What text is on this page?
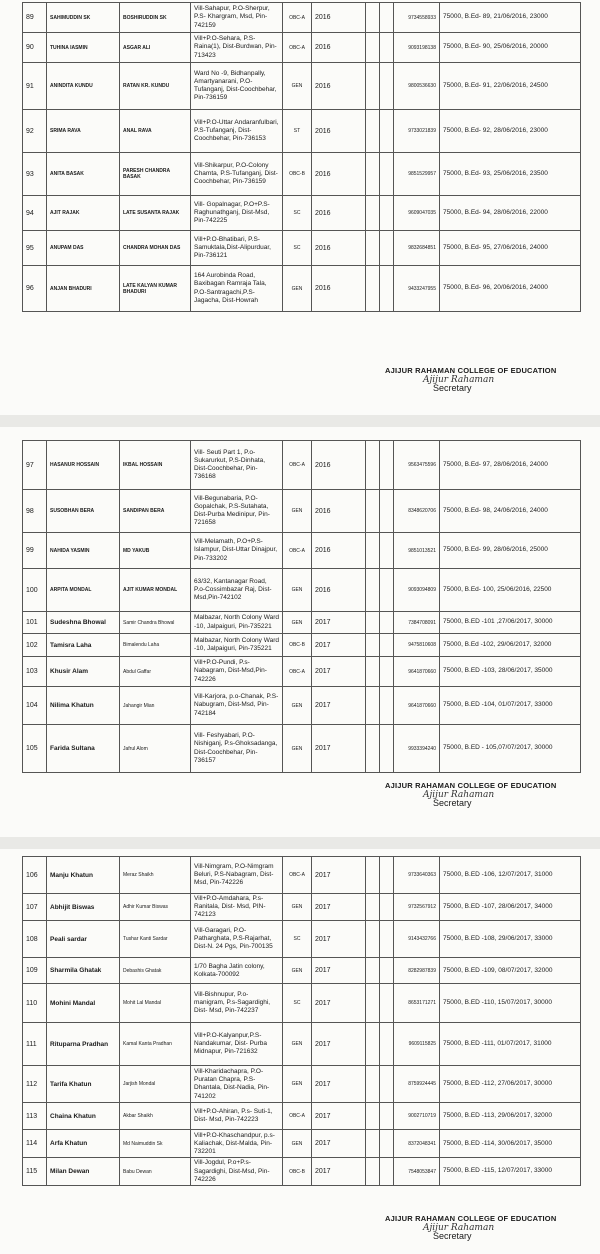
89	SAHIMUDDIN SK	BOSHIRUDDIN SK	Vill-Sahapur, P.O-Sherpur, P.S- Khargram, Msd, Pin-742159	OBC-A	2016			9734558933	75000, B.Ed- 89, 21/06/2016, 23000
90	TUHINA IASMIN	ASGAR ALI	Vill+P.O-Sehara, P.S-Raina(1), Dist-Burdwan, Pin-713423	OBC-A	2016			9093198138	75000, B.Ed- 90, 25/06/2016, 20000
91	ANINDITA KUNDU	RATAN KR. KUNDU	Ward No -9, Bidhanpally, Amartyanarani, P.O-Tufanganj, Dist-Coochbehar, Pin-736159	GEN	2016			9800536630	75000, B.Ed- 91, 22/06/2016, 24500
92	SRIMA RAVA	ANAL RAVA	Vill+P.O-Uttar Andaranfulbari, P.S-Tufanganj, Dist-Coochbehar, Pin-736153	ST	2016			9733021839	75000, B.Ed- 92, 28/06/2016, 23000
93	ANITA BASAK	PARESH CHANDRA BASAK	Vill-Shikarpur, P.O-Colony Chamta, P.S-Tufanganj, Dist-Coochbehar, Pin-736159	OBC-B	2016			9851529957	75000, B.Ed- 93, 25/06/2016, 23500
94	AJIT RAJAK	LATE SUSANTA RAJAK	Vill- Gopalnagar, P.O+P.S-Raghunathganj, Dist-Msd, Pin-742225	SC	2016			9609047035	75000, B.Ed- 94, 28/06/2016, 22000
95	ANUPAM DAS	CHANDRA MOHAN DAS	Vill+P.O-Bhatibari, P.S-Samuktala,Dist-Alipurduar, Pin-736121	SC	2016			9832684851	75000, B.Ed- 95, 27/06/2016, 24000
96	ANJAN BHADURI	LATE KALYAN KUMAR BHADURI	164 Aurobinda Road, Baxibagan Ramraja Tala, P.O-Santragachi,P.S-Jagacha, Dist-Howrah	GEN	2016			9433247955	75000, B.Ed- 96, 20/06/2016, 24000
AJIJUR RAHAMAN COLLEGE OF EDUCATION
Ajijur Rahaman
Secretary
97	HASANUR HOSSAIN	IKBAL HOSSAIN	Vill- Seuti Part 1, P.o-Sukarurkut, P.S-Dinhata, Dist-Coochbehar, Pin-736168	OBC-A	2016			9563475596	75000, B.Ed- 97, 28/06/2016, 24000
98	SUSOBHAN BERA	SANDIPAN BERA	Vill-Begunabaria, P.O-Gopalchak, P.S-Sutahata, Dist-Purba Medinipur, Pin-721658	GEN	2016			8348620706	75000, B.Ed- 98, 24/06/2016, 24000
99	NAHIDA YASMIN	MD YAKUB	Vill-Melamath, P.O+P.S-Islampur, Dist-Uttar Dinajpur, Pin-733202	OBC-A	2016			9851013521	75000, B.Ed- 99, 28/06/2016, 25000
100	ARPITA MONDAL	AJIT KUMAR MONDAL	63/32, Kantanagar Road, P.o-Cossimbazar Raj, Dist-Msd,Pin-742102	GEN	2016			9093094809	75000, B.Ed- 100, 25/06/2016, 22500
101	Sudeshna Bhowal	Samir Chandra Bhowal	Malbazar, North Colony Ward -10, Jalpaiguri, Pin-735221	GEN	2017			7384708091	75000, B.ED -101 ,27/06/2017, 30000
102	Tamisra Laha	Bimalendu Laha	Malbazar, North Colony Ward -10, Jalpaiguri, Pin-735221	OBC-B	2017			9475810608	75000, B.Ed -102, 29/06/2017, 32000
103	Khusir Alam	Abdul Gaffar	Vill+P.O-Pundi, P.s-Nabagram, Dist-Msd,Pin-742226	OBC-A	2017			9641870660	75000, B.ED -103, 28/06/2017, 35000
104	Nilima Khatun	Jahangir Mian	Vill-Karjora, p.o-Chanak, P.S- Nabugram, Dist-Msd, Pin-742184	GEN	2017			9641870660	75000, B.ED -104, 01/07/2017, 33000
105	Farida Sultana	Jafrul Alom	Vill- Feshyabari, P.O-Nishiganj, P.s-Ghoksadanga, Dist-Coochbehar, Pin-736157	GEN	2017			9933394240	75000, B.ED - 105,07/07/2017, 30000
AJIJUR RAHAMAN COLLEGE OF EDUCATION
Ajijur Rahaman
Secretary
106	Manju Khatun	Meraz Shaikh	Vill-Nimgram, P.O-Nimgram Beluri, P.S-Nabagram, Dist- Msd, Pin-742226	OBC-A	2017			9733640363	75000, B.ED -106, 12/07/2017, 31000
107	Abhijit Biswas	Adhir Kumar Biswas	Vill+P.O-Amdahara, P.s-Ranitala, Dist- Msd, PIN-742123	GEN	2017			9732567912	75000, B.ED -107, 28/06/2017, 34000
108	Peali sardar	Tushar Kanti Sardar	Vill-Garagari, P.O-Patharghata, P.S-Rajarhat, Dist-N. 24 Pgs, Pin-700135	SC	2017			9143432766	75000, B.ED -108, 29/06/2017, 33000
109	Sharmila Ghatak	Debashis Ghatak	1/70 Bagha Jatin colony, Kolkata-700092	GEN	2017			8282987839	75000, B.ED -109, 08/07/2017, 32000
110	Mohini Mandal	Mohit Lal Mandal	Vill-Bishnupur, P.o-manigram, P.s-Sagardighi, Dist- Msd, Pin-742237	SC	2017			8653171271	75000, B.ED -110, 15/07/2017, 30000
111	Rituparna Pradhan	Kamal Kanta Pradhan	Vill+P.O-Kalyanpur,P.S-Nandakumar, Dist- Purba Midnapur, Pin-721632	GEN	2017			9609115825	75000, B.ED -111, 01/07/2017, 31000
112	Tarifa Khatun	Jarjish Mondal	Vill-Kharidachapra, P.O-Puratan Chapra, P.S-Dhantala, Dist-Nadia, Pin-741202	GEN	2017			8759924445	75000, B.ED -112, 27/06/2017, 30000
113	Chaina Khatun	Akbar Shaikh	Vill+P.O-Ahiran, P.s- Suti-1, Dist- Msd, Pin-742223	OBC-A	2017			9002710719	75000, B.ED -113, 29/06/2017, 32000
114	Arfa Khatun	Md Naimuddin Sk	Vill+P.O-Khaschandpur, p.s-Kaliachak, Dist-Malda, Pin-732201	GEN	2017			8372048341	75000, B.ED -114, 30/06/2017, 35000
115	Milan Dewan	Babu Dewan	Vill-Jogdul, P.o+P.s-Sagardighi, Dist-Msd, Pin-742226	OBC-B	2017			7548053847	75000, B.ED -115, 12/07/2017, 33000
AJIJUR RAHAMAN COLLEGE OF EDUCATION
Ajijur Rahaman
Secretary
